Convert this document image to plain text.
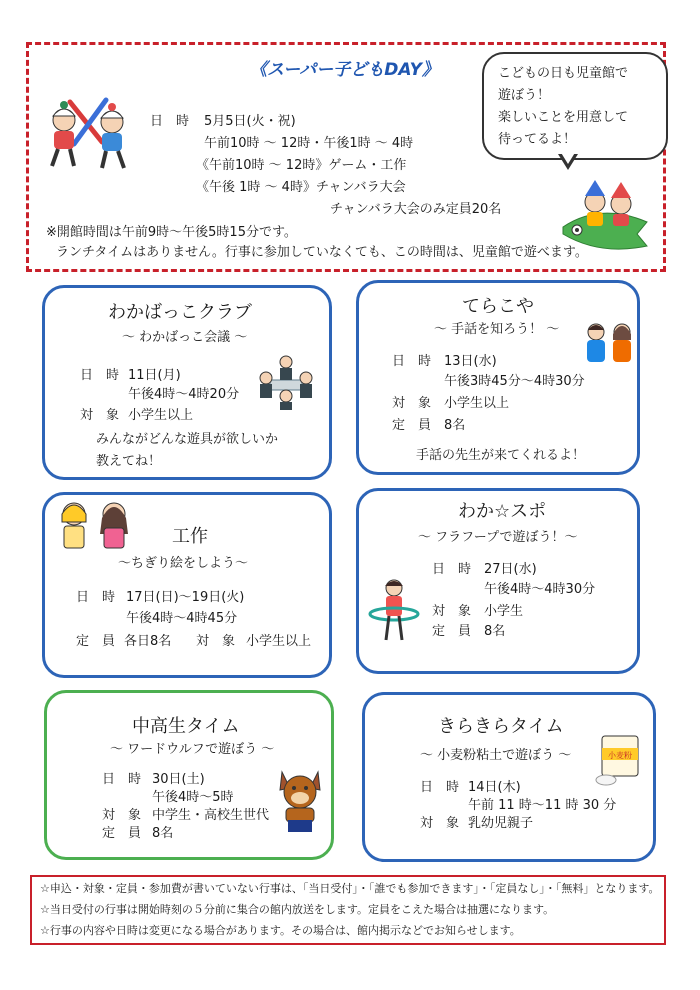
《スーパー子どもDAY》
日　時 5月5日(火・祝)
午前10時 ～ 12時・午後1時 ～ 4時
《午前10時 ～ 12時》ゲーム・工作
《午後 1時 ～ 4時》チャンバラ大会
チャンバラ大会のみ定員20名
※開館時間は午前9時～午後5時15分です。
ランチタイムはありません。行事に参加していなくても、この時間は、児童館で遊べます。
こどもの日も児童館で
遊ぼう！
楽しいことを用意して
待ってるよ！
わかばっこクラブ
～ わかばっこ会議 ～
日　時 11日(月)
午後4時～4時20分
対　象 小学生以上
みんながどんな遊具が欲しいか
教えてね！
てらこや
～ 手話を知ろう！ ～
日　時 13日(水)
午後3時45分～4時30分
対　象 小学生以上
定　員 8名
手話の先生が来てくれるよ！
工作
～ちぎり絵をしよう～
日　時 17日(日)～19日(火)
午後4時～4時45分
定　員 各日8名 対　象 小学生以上
わか☆スポ
～ フラフープで遊ぼう！～
日　時 27日(水)
午後4時～4時30分
対　象 小学生
定　員 8名
中高生タイム
～ ワードウルフで遊ぼう ～
日　時 30日(土)
午後4時～5時
対　象 中学生・高校生世代
定　員 8名
きらきらタイム
～ 小麦粉粘土で遊ぼう ～
日　時 14日(木)
午前 11 時～11 時 30 分
対　象 乳幼児親子
小麦粉
☆申込・対象・定員・参加費が書いていない行事は、「当日受付」・「誰でも参加できます」・「定員なし」・「無料」となります。
☆当日受付の行事は開始時刻の５分前に集合の館内放送をします。定員をこえた場合は抽選になります。
☆行事の内容や日時は変更になる場合があります。その場合は、館内掲示などでお知らせします。
